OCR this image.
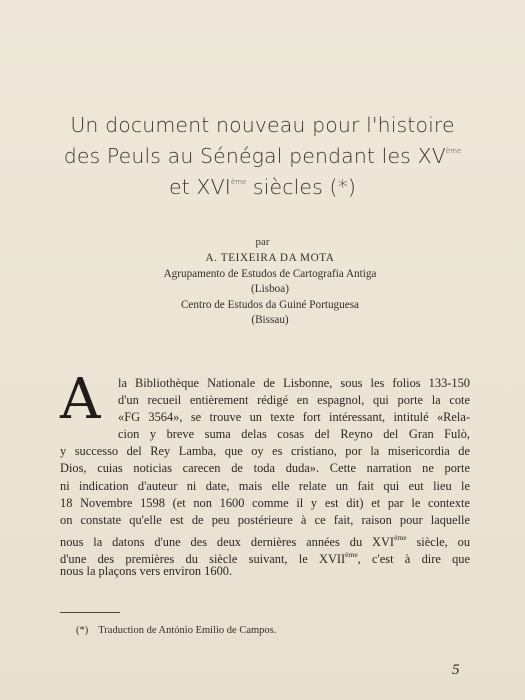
Un document nouveau pour l'histoire
des Peuls au Sénégal pendant les XVème
et XVIème siècles (*)
par
A. TEIXEIRA DA MOTA
Agrupamento de Estudos de Cartografia Antiga
(Lisboa)
Centro de Estudos da Guiné Portuguesa
(Bissau)
A	la Bibliothèque Nationale de Lisbonne, sous les folios 133-150
d'un recueil entièrement rédigé en espagnol, qui porte la cote
«FG 3564», se trouve un texte fort intéressant, intitulé «Rela-
cion y breve suma delas cosas del Reyno del Gran Fulò,
y successo del Rey Lamba, que oy es cristiano, por la misericordia de
Dios, cuias noticias carecen de toda duda». Cette narration ne porte
ni indication d'auteur ni date, mais elle relate un fait qui eut lieu le
18 Novembre 1598 (et non 1600 comme il y est dit) et par le contexte
on constate qu'elle est de peu postérieure à ce fait, raison pour laquelle
nous la datons d'une des deux dernières années du XVIème siècle, ou
d'une des premières du siècle suivant, le XVIIème, c'est à dire que
nous la plaçons vers environ 1600.
(*) Traduction de António Emilio de Campos.
5
